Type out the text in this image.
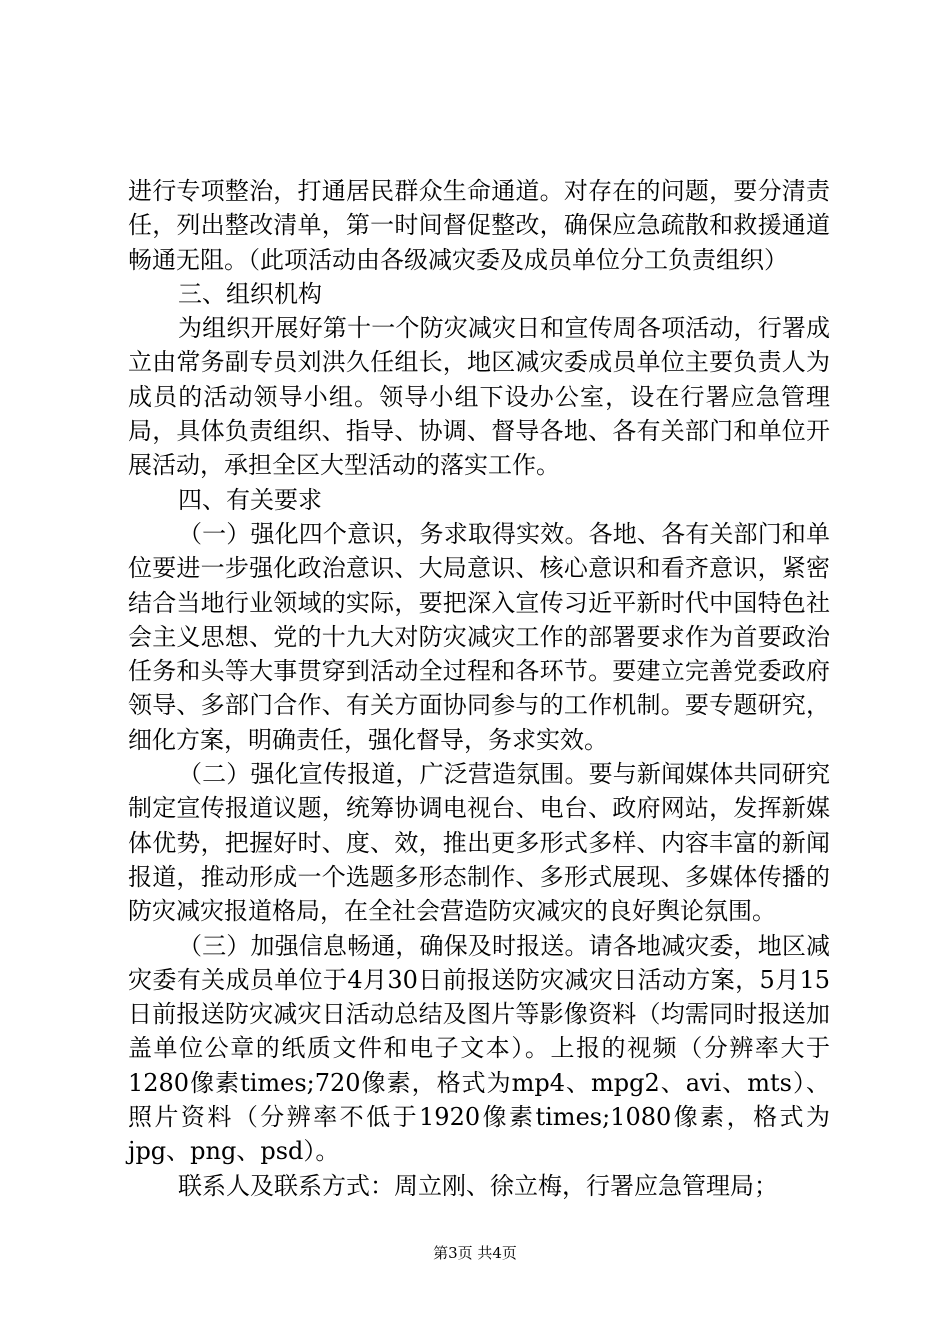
进行专项整治，打通居民群众生命通道。对存在的问题，要分清责任，列出整改清单，第一时间督促整改，确保应急疏散和救援通道畅通无阻。（此项活动由各级减灾委及成员单位分工负责组织）

三、组织机构

为组织开展好第十一个防灾减灾日和宣传周各项活动，行署成立由常务副专员刘洪久任组长，地区减灾委成员单位主要负责人为成员的活动领导小组。领导小组下设办公室，设在行署应急管理局，具体负责组织、指导、协调、督导各地、各有关部门和单位开展活动，承担全区大型活动的落实工作。

四、有关要求

（一）强化四个意识，务求取得实效。各地、各有关部门和单位要进一步强化政治意识、大局意识、核心意识和看齐意识，紧密结合当地行业领域的实际，要把深入宣传习近平新时代中国特色社会主义思想、党的十九大对防灾减灾工作的部署要求作为首要政治任务和头等大事贯穿到活动全过程和各环节。要建立完善党委政府领导、多部门合作、有关方面协同参与的工作机制。要专题研究，细化方案，明确责任，强化督导，务求实效。

（二）强化宣传报道，广泛营造氛围。要与新闻媒体共同研究制定宣传报道议题，统筹协调电视台、电台、政府网站，发挥新媒体优势，把握好时、度、效，推出更多形式多样、内容丰富的新闻报道，推动形成一个选题多形态制作、多形式展现、多媒体传播的防灾减灾报道格局，在全社会营造防灾减灾的良好舆论氛围。

（三）加强信息畅通，确保及时报送。请各地减灾委，地区减灾委有关成员单位于4月30日前报送防灾减灾日活动方案，5月15日前报送防灾减灾日活动总结及图片等影像资料（均需同时报送加盖单位公章的纸质文件和电子文本）。上报的视频（分辨率大于1280像素times;720像素，格式为mp4、mpg2、avi、mts）、照片资料（分辨率不低于1920像素times;1080像素，格式为jpg、png、psd）。

联系人及联系方式：周立刚、徐立梅，行署应急管理局；

第3页 共4页
